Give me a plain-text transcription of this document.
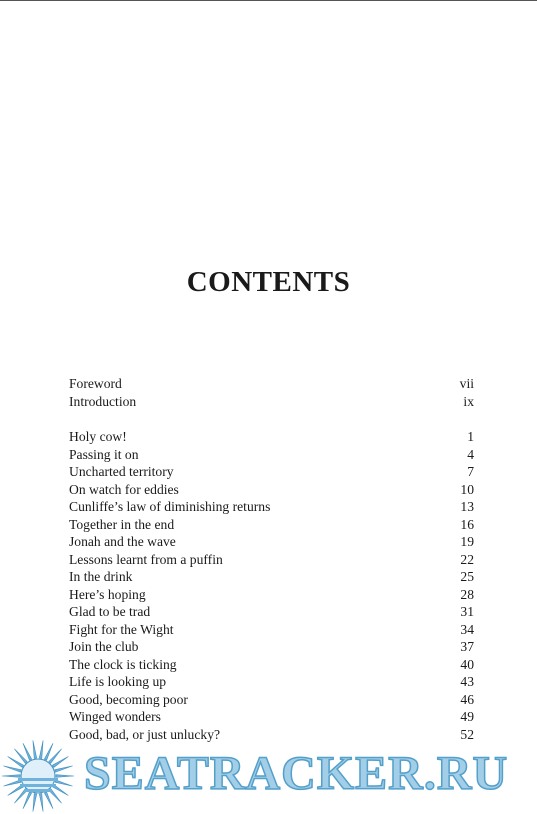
CONTENTS
Foreword	vii
Introduction	ix
Holy cow!	1
Passing it on	4
Uncharted territory	7
On watch for eddies	10
Cunliffe’s law of diminishing returns	13
Together in the end	16
Jonah and the wave	19
Lessons learnt from a puffin	22
In the drink	25
Here’s hoping	28
Glad to be trad	31
Fight for the Wight	34
Join the club	37
The clock is ticking	40
Life is looking up	43
Good, becoming poor	46
Winged wonders	49
Good, bad, or just unlucky?	52
SEATRACKER.RU
